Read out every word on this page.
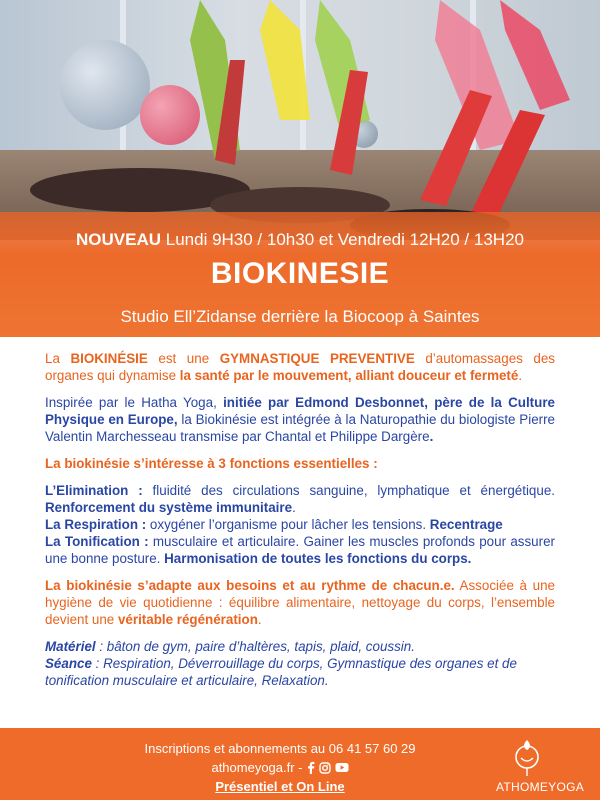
NOUVEAU Lundi 9H30 / 10h30 et Vendredi 12H20 / 13H20

BIOKINESIE

Studio Ell’Zidanse derrière la Biocoop à Saintes

La BIOKINÉSIE est une GYMNASTIQUE PREVENTIVE d’automassages des organes qui dynamise la santé par le mouvement, alliant douceur et fermeté.

Inspirée par le Hatha Yoga, initiée par Edmond Desbonnet, père de la Culture Physique en Europe, la Biokinésie est intégrée à la Naturopathie du biologiste Pierre Valentin Marchesseau transmise par Chantal et Philippe Dargère.

La biokinésie s’intéresse à 3 fonctions essentielles :

L’Elimination : fluidité des circulations sanguine, lymphatique et énergétique. Renforcement du système immunitaire.

La Respiration : oxygéner l’organisme pour lâcher les tensions. Recentrage

La Tonification : musculaire et articulaire. Gainer les muscles profonds pour assurer une bonne posture. Harmonisation de toutes les fonctions du corps.

La biokinésie s’adapte aux besoins et au rythme de chacun.e. Associée à une hygiène de vie quotidienne : équilibre alimentaire, nettoyage du corps, l’ensemble devient une véritable régénération.

Matériel : bâton de gym, paire d’haltères, tapis, plaid, coussin.

Séance : Respiration, Déverrouillage du corps, Gymnastique des organes et de tonification musculaire et articulaire, Relaxation.

Inscriptions et abonnements au 06 41 57 60 29

athomeyoga.fr -

Présentiel et On Line	ATHOMEYOGA
